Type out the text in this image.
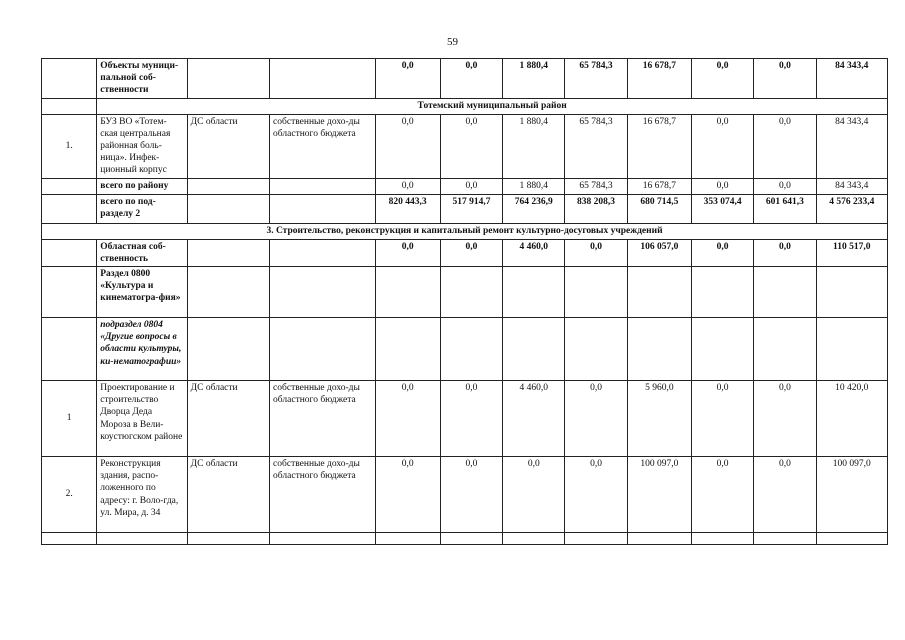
59
	Объекты муници-пальной соб-ственности			0,0	0,0	1 880,4	65 784,3	16 678,7	0,0	0,0	84 343,4
	Тотемский муниципальный район										
1.	БУЗ ВО «Тотем-ская центральная районная боль-ница». Инфек-ционный корпус	ДС области	собственные дохо-ды областного бюджета	0,0	0,0	1 880,4	65 784,3	16 678,7	0,0	0,0	84 343,4
	всего по району			0,0	0,0	1 880,4	65 784,3	16 678,7	0,0	0,0	84 343,4
	всего по под-разделу 2			820 443,3	517 914,7	764 236,9	838 208,3	680 714,5	353 074,4	601 641,3	4 576 233,4
3. Строительство, реконструкция и капитальный ремонт культурно-досуговых учреждений											
	Областная соб-ственность			0,0	0,0	4 460,0	0,0	106 057,0	0,0	0,0	110 517,0
	Раздел 0800 «Культура и кинематогра-фия»										
	подраздел 0804 «Другие вопросы в области культуры, ки-нематографии»										
1	Проектирование и строительство Дворца Деда Мороза в Вели-коустюгском районе	ДС области	собственные дохо-ды областного бюджета	0,0	0,0	4 460,0	0,0	5 960,0	0,0	0,0	10 420,0
2.	Реконструкция здания, распо-ложенного по адресу: г. Воло-гда, ул. Мира, д. 34	ДС области	собственные дохо-ды областного бюджета	0,0	0,0	0,0	0,0	100 097,0	0,0	0,0	100 097,0
